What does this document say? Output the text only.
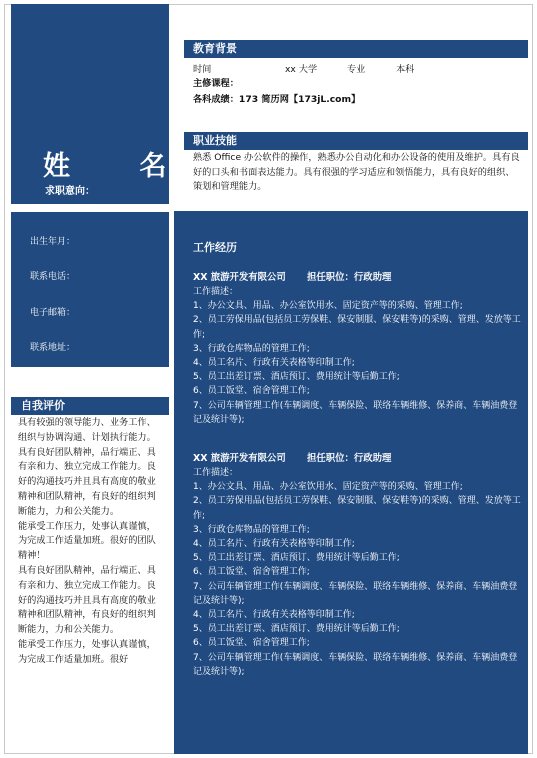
姓 名
求职意向：
出生年月：
联系电话：
电子邮箱：
联系地址：
自我评价
具有较强的领导能力、业务工作、组织与协调沟通、计划执行能力。
具有良好团队精神，品行端正、具有亲和力、独立完成工作能力。良好的沟通技巧并且具有高度的敬业精神和团队精神，有良好的组织判断能力，力和公关能力。
能承受工作压力，处事认真谨慎，为完成工作适量加班。很好的团队精神！
具有良好团队精神，品行端正、具有亲和力、独立完成工作能力。良好的沟通技巧并且具有高度的敬业精神和团队精神，有良好的组织判断能力，力和公关能力。
能承受工作压力，处事认真谨慎，为完成工作适量加班。很好
教育背景
时间	xx 大学	专业	本科
主修课程：
各科成绩：173 简历网【173jL.com】
职业技能
熟悉 Office 办公软件的操作，熟悉办公自动化和办公设备的使用及维护。具有良好的口头和书面表达能力。具有很强的学习适应和领悟能力，具有良好的组织、策划和管理能力。
工作经历
XX 旅游开发有限公司 担任职位：行政助理
工作描述：
1、办公文具、用品、办公室饮用水、固定资产等的采购、管理工作;
2、员工劳保用品(包括员工劳保鞋、保安制服、保安鞋等)的采购、管理、发放等工作;
3、行政仓库物品的管理工作;
4、员工名片、行政有关表格等印制工作;
5、员工出差订票、酒店预订、费用统计等后勤工作;
6、员工饭堂、宿舍管理工作;
7、公司车辆管理工作(车辆调度、车辆保险、联络车辆维修、保养商、车辆油费登记及统计等);
XX 旅游开发有限公司 担任职位：行政助理
工作描述：
1、办公文具、用品、办公室饮用水、固定资产等的采购、管理工作;
2、员工劳保用品(包括员工劳保鞋、保安制服、保安鞋等)的采购、管理、发放等工作;
3、行政仓库物品的管理工作;
4、员工名片、行政有关表格等印制工作;
5、员工出差订票、酒店预订、费用统计等后勤工作;
6、员工饭堂、宿舍管理工作;
7、公司车辆管理工作(车辆调度、车辆保险、联络车辆维修、保养商、车辆油费登记及统计等);
4、员工名片、行政有关表格等印制工作;
5、员工出差订票、酒店预订、费用统计等后勤工作;
6、员工饭堂、宿舍管理工作;
7、公司车辆管理工作(车辆调度、车辆保险、联络车辆维修、保养商、车辆油费登记及统计等);
